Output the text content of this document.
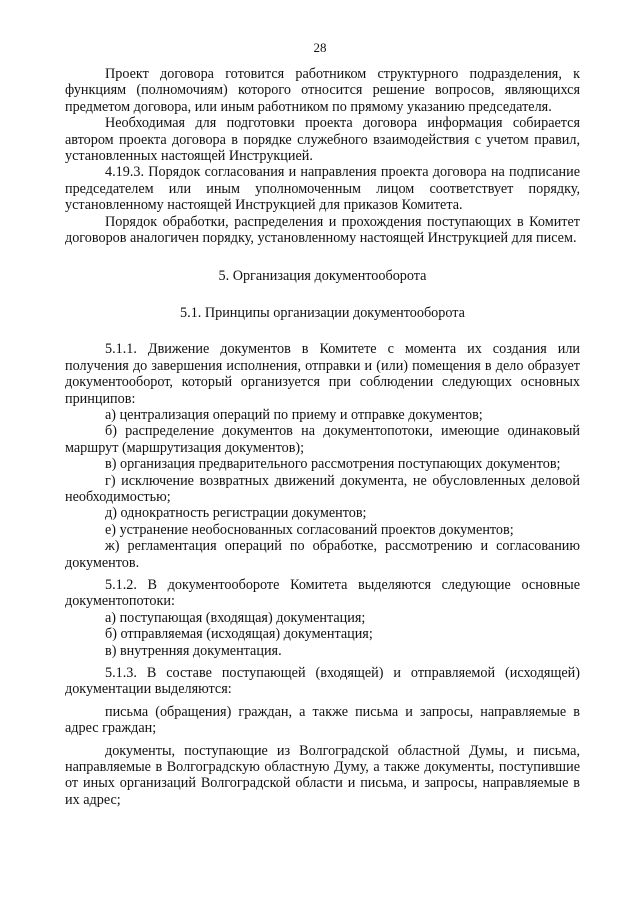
28

Проект договора готовится работником структурного подразделения, к функциям (полномочиям) которого относится решение вопросов, являющихся предметом договора, или иным работником по прямому указанию председателя.

Необходимая для подготовки проекта договора информация собирается автором проекта договора в порядке служебного взаимодействия с учетом правил, установленных настоящей Инструкцией.

4.19.3. Порядок согласования и направления проекта договора на подписание председателем или иным уполномоченным лицом соответствует порядку, установленному настоящей Инструкцией для приказов Комитета.

Порядок обработки, распределения и прохождения поступающих в Комитет договоров аналогичен порядку, установленному настоящей Инструкцией для писем.

5. Организация документооборота

5.1. Принципы организации документооборота

5.1.1. Движение документов в Комитете с момента их создания или получения до завершения исполнения, отправки и (или) помещения в дело образует документооборот, который организуется при соблюдении следующих основных принципов:

а) централизация операций по приему и отправке документов;

б) распределение документов на документопотоки, имеющие одинаковый маршрут (маршрутизация документов);

в) организация предварительного рассмотрения поступающих документов;

г) исключение возвратных движений документа, не обусловленных деловой необходимостью;

д) однократность регистрации документов;

е) устранение необоснованных согласований проектов документов;

ж) регламентация операций по обработке, рассмотрению и согласованию документов.

5.1.2. В документообороте Комитета выделяются следующие основные документопотоки:

а) поступающая (входящая) документация;

б) отправляемая (исходящая) документация;

в) внутренняя документация.

5.1.3. В составе поступающей (входящей) и отправляемой (исходящей) документации выделяются:

письма (обращения) граждан, а также письма и запросы, направляемые в адрес граждан;

документы, поступающие из Волгоградской областной Думы, и письма, направляемые в Волгоградскую областную Думу, а также документы, поступившие от иных организаций Волгоградской области и письма, и запросы, направляемые в их адрес;
